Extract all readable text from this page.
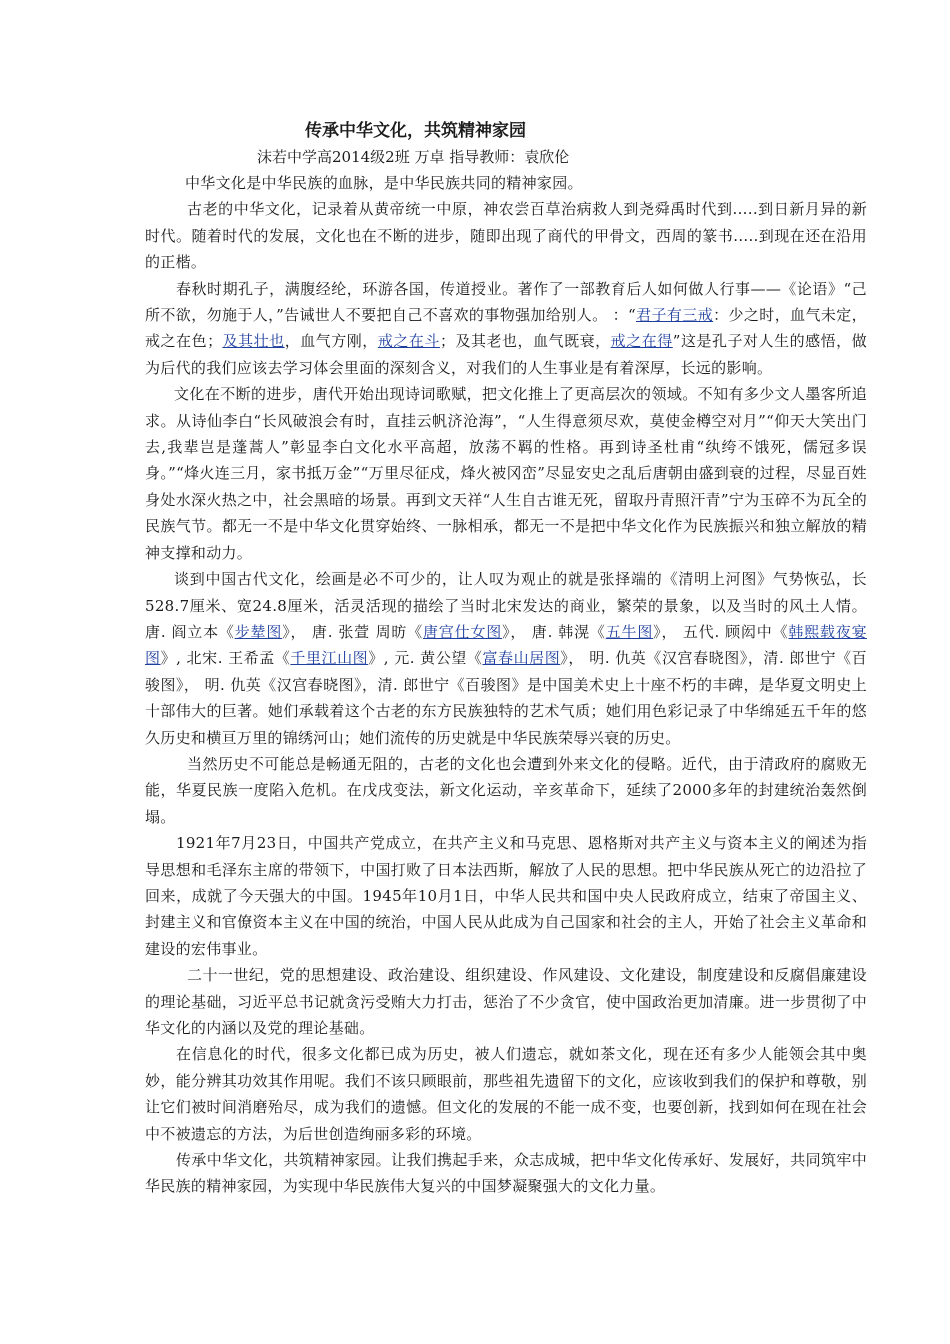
传承中华文化，共筑精神家园

沫若中学高2014级2班 万卓 指导教师：袁欣伦

中华文化是中华民族的血脉，是中华民族共同的精神家园。

古老的中华文化，记录着从黄帝统一中原，神农尝百草治病救人到尧舜禹时代到.....到日新月异的新时代。随着时代的发展，文化也在不断的进步，随即出现了商代的甲骨文，西周的篆书.....到现在还在沿用的正楷。

春秋时期孔子，满腹经纶，环游各国，传道授业。著作了一部教育后人如何做人行事——《论语》“己所不欲，勿施于人，”告诫世人不要把自己不喜欢的事物强加给别人。 ：“君子有三戒：少之时，血气未定，戒之在色；及其壮也，血气方刚，戒之在斗；及其老也，血气既衰，戒之在得”这是孔子对人生的感悟，做为后代的我们应该去学习体会里面的深刻含义，对我们的人生事业是有着深厚，长远的影响。

文化在不断的进步，唐代开始出现诗词歌赋，把文化推上了更高层次的领域。不知有多少文人墨客所追求。从诗仙李白“长风破浪会有时，直挂云帆济沧海”，“人生得意须尽欢，莫使金樽空对月”“仰天大笑出门去,我辈岂是蓬蒿人”彰显李白文化水平高超，放荡不羁的性格。再到诗圣杜甫“纨绔不饿死，儒冠多误身。”“烽火连三月，家书抵万金”“万里尽征戍，烽火被冈峦”尽显安史之乱后唐朝由盛到衰的过程，尽显百姓身处水深火热之中，社会黑暗的场景。再到文天祥“人生自古谁无死，留取丹青照汗青”宁为玉碎不为瓦全的民族气节。都无一不是中华文化贯穿始终、一脉相承，都无一不是把中华文化作为民族振兴和独立解放的精神支撑和动力。

谈到中国古代文化，绘画是必不可少的，让人叹为观止的就是张择端的《清明上河图》气势恢弘，长528.7厘米、宽24.8厘米，活灵活现的描绘了当时北宋发达的商业，繁荣的景象，以及当时的风土人情。唐. 阎立本《步辇图》， 唐. 张萱 周昉《唐宫仕女图》， 唐. 韩滉《五牛图》， 五代. 顾闳中《韩熙载夜宴图》, 北宋. 王希孟《千里江山图》, 元. 黄公望《富春山居图》， 明. 仇英《汉宫春晓图》，清. 郎世宁《百骏图》， 明. 仇英《汉宫春晓图》，清. 郎世宁《百骏图》是中国美术史上十座不朽的丰碑，是华夏文明史上十部伟大的巨著。她们承载着这个古老的东方民族独特的艺术气质；她们用色彩记录了中华绵延五千年的悠久历史和横亘万里的锦绣河山；她们流传的历史就是中华民族荣辱兴衰的历史。

当然历史不可能总是畅通无阻的，古老的文化也会遭到外来文化的侵略。近代，由于清政府的腐败无能，华夏民族一度陷入危机。在戊戌变法，新文化运动，辛亥革命下，延续了2000多年的封建统治轰然倒塌。

1921年7月23日，中国共产党成立，在共产主义和马克思、恩格斯对共产主义与资本主义的阐述为指导思想和毛泽东主席的带领下，中国打败了日本法西斯，解放了人民的思想。把中华民族从死亡的边沿拉了回来，成就了今天强大的中国。1945年10月1日，中华人民共和国中央人民政府成立，结束了帝国主义、封建主义和官僚资本主义在中国的统治，中国人民从此成为自己国家和社会的主人，开始了社会主义革命和建设的宏伟事业。

二十一世纪，党的思想建设、政治建设、组织建设、作风建设、文化建设，制度建设和反腐倡廉建设的理论基础，习近平总书记就贪污受贿大力打击，惩治了不少贪官，使中国政治更加清廉。进一步贯彻了中华文化的内涵以及党的理论基础。

在信息化的时代，很多文化都已成为历史，被人们遗忘，就如茶文化，现在还有多少人能领会其中奥妙，能分辨其功效其作用呢。我们不该只顾眼前，那些祖先遗留下的文化，应该收到我们的保护和尊敬，别让它们被时间消磨殆尽，成为我们的遗憾。但文化的发展的不能一成不变，也要创新，找到如何在现在社会中不被遗忘的方法，为后世创造绚丽多彩的环境。

传承中华文化，共筑精神家园。让我们携起手来，众志成城，把中华文化传承好、发展好，共同筑牢中华民族的精神家园，为实现中华民族伟大复兴的中国梦凝聚强大的文化力量。
